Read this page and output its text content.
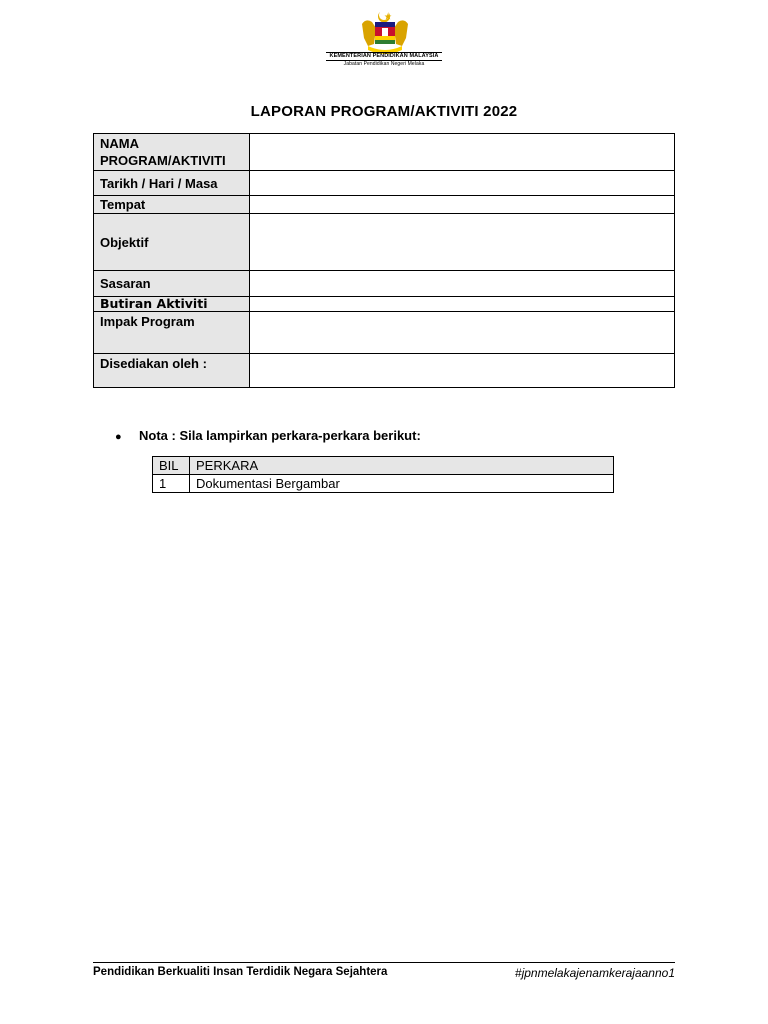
KEMENTERIAN PENDIDIKAN MALAYSIA
Jabatan Pendidikan Negeri Melaka
LAPORAN PROGRAM/AKTIVITI 2022
NAMA PROGRAM/AKTIVITI	
Tarikh / Hari / Masa	
Tempat	
Objektif	
Sasaran	
Butiran Aktiviti	
Impak Program	
Disediakan oleh :	
● Nota : Sila lampirkan perkara-perkara berikut:
BIL	PERKARA
1	Dokumentasi Bergambar
Pendidikan Berkualiti Insan Terdidik Negara Sejahtera	#jpnmelakajenamkerajaanno1
